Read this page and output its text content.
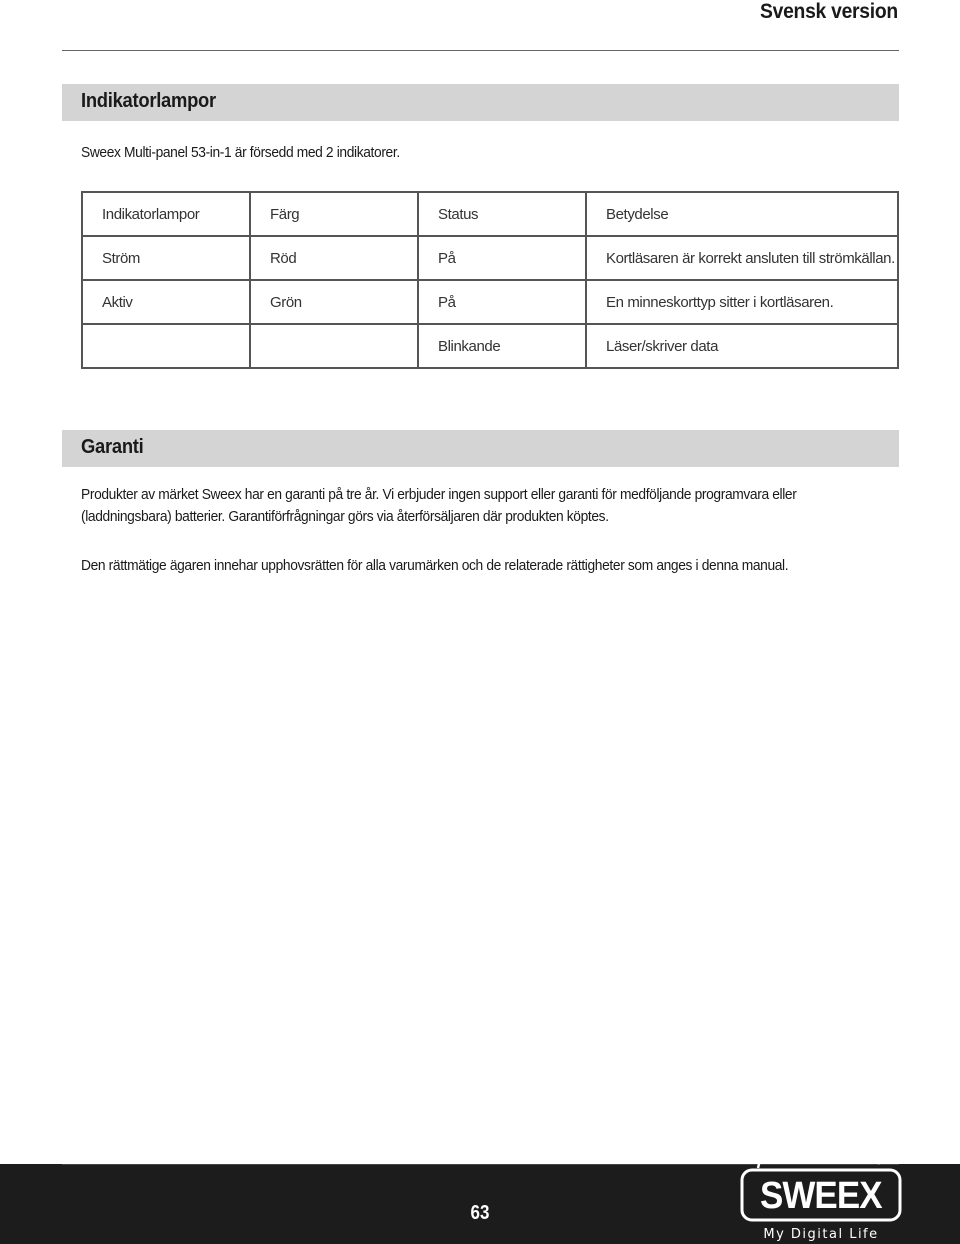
Svensk version
Indikatorlampor
Sweex Multi-panel 53-in-1 är försedd med 2 indikatorer.
Indikatorlampor	Färg	Status	Betydelse
Ström	Röd	På	Kortläsaren är korrekt ansluten till strömkällan.
Aktiv	Grön	På	En minneskorttyp sitter i kortläsaren.
		Blinkande	Läser/skriver data
Garanti
Produkter av märket Sweex har en garanti på tre år. Vi erbjuder ingen support eller garanti för medföljande programvara eller (laddningsbara) batterier. Garantiförfrågningar görs via återförsäljaren där produkten köptes.
Den rättmätige ägaren innehar upphovsrätten för alla varumärken och de relaterade rättigheter som anges i denna manual.
63	SWEEX
My Digital Life
